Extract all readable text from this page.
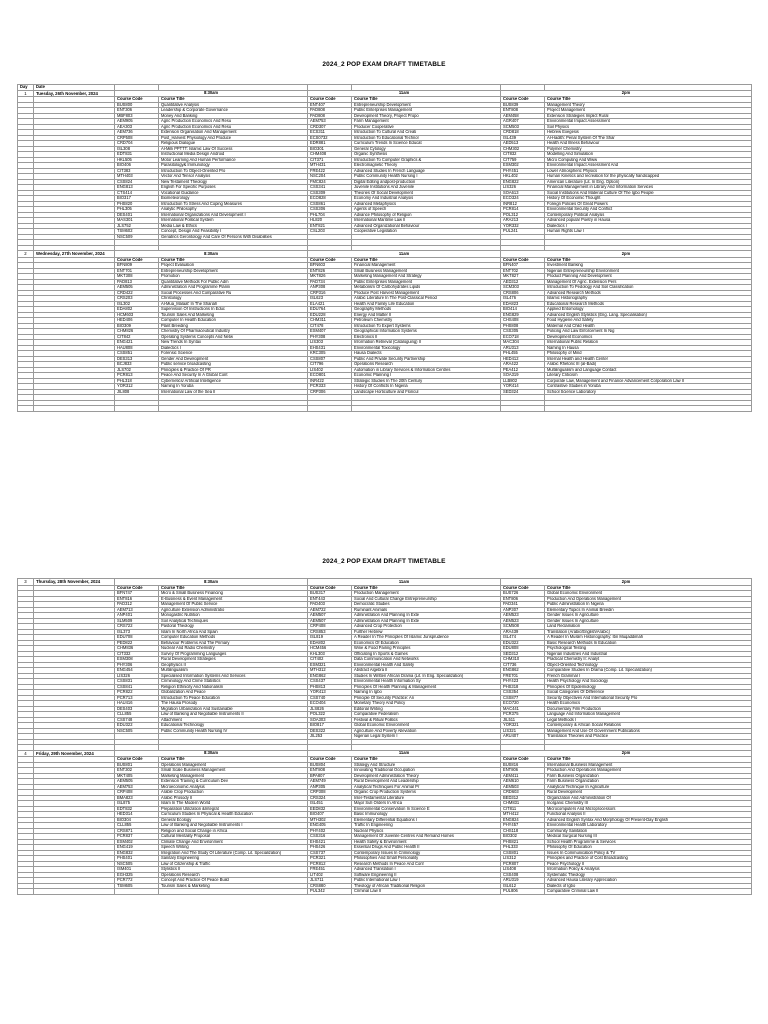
2024_2 POP EXAM DRAFT TIMETABLE
Day	Date						
1	Tuesday, 26th November, 2024	8:30am		11am		2pm	
		Course Code	Course Title	Course Code	Course Title	Course Code	Course Title
		BUS800	Quantitative Analysis	ENT407	Entrepreneurship Development	BUS839	Management Theory
		ENT306	Leadership & Corporate Governance	PAD808	Public Enterprises Management	ENT808	Project Management
		MBF803	Money And Banking	PAD808	Development Theory, Project Propo	AEM458	Extension Strategies Implict Rural
		AEM905	Agric Production Economics And Resu	AEM753	Farm Management	AGR407	Environmental Impact Assessment
		AEA303	Agric Production Economics And Resu	CRD307	Producer Cooperative	SCM503	Soil Physics
		AEM736	Extension Organisation And Management	ECS311	Introduction To Cultural And Creati	CRD818	Hebrew Exegesis
		CRP508	Post_Harvest Physiology And Produce	ECS0732	Introduction To Educational Technol	ISL439	Al-Hadith: Penal System Of The Shar
		CRD704	Religious Dialogue	EDR881	Curriculum Trends In Science Educat	AED513	Health And Illness Behaviour
		ISL308	Al-Milli PPTTT: Islamic Law Of Success	BIO301	General Cytology	CHM302	Polymer Chemistry
		EDT831	Instructional Media Design Android	CHM408	Organic Synthesis	CIT832	Modelling And Simulation
		HKL505	Motor Learning And Human Performance	CIT371	Introduction To Computer Graphics &	CIT759	Micro Computing And Www
		BIO406	Parasitology& Immunology	MTH431	Electromagnetic Theory	ESM302	Environmental Impact Assessment And
		CIT383	Introduction To Object-Oriented Pro	FRE422	Advanced Studies In French Language	PHY451	Lower Atmospheric Physics
		MTH403	Vector And Tensor Analysis	NSC204	Public Community Health Nursing I	HKL402	Human Kinetics and recreation for the physically handicapped
		CSS824	New Testament Theology	FMC824	Digital Editing andpost-production	ENG822	American Literature (Lit. In Eng. Option)
		ENG813	English For Specific Purposes	CSS341	Juvenile Institutions And Juvenile	LIS326	Financial Management in Library And Information Services
		CTS414	Vocational Guidance	CSS309	Theories Of Social Development	SOA613	Social Institutions And Material Culture Of The Igbo People
		BIO317	Biometeorology	ECO828	Economy And Industrial Analysis	ECO324	History Of Economic Thought
		PHS820	Introduction To Stress And Coping Measures	CSS861	Advanced Metaphysics	INR812	Foreign Policies Of Great Powers
		PHL305	Analytic Philosophy	CSS306	Agents of Speech	PCR814	Environmental Security And Conflict
		DES401	International Organizations And Development I	PHL704	Advance Philosophy of Religion	POL312	Contemporary Political Analysis
		MAS301	International Political System	HL820	International Maritime Law II	ARA213	Advanced popular Poetry in Hausa
		JLS752	Media Law & Ethics	ENT821	Advanced Organizational Behaviour	YOR332	Dialectics I
		TSM602	Concept, Design And Feasibility I	CSL203	Cooperative Legislation	PUL241	Human Rights Law I
		NSC509	Geriatrics Gerontology And Care Of Persons With Disabilities				

2	Wednesday, 27th November, 2024	8:30am		11am		2pm	
		Course Code	Course Title	Course Code	Course Title	Course Code	Course Title
		BFN809	Project Evaluation	BFN603	Financial Management	BFN407	Investment Banking
		ENT701	Entrepreneurship Development	ENT826	Small Business Management	ENT702	Nigerian Entrepreneurship Environment
		MKT308	Promotion	MKT826	Marketing Management And Strategy	MKT827	Product Planning And Development
		PAD813	Quantitative Methods For Public Adm	PAD734	Public Enterprises Management	AED312	Management Of Agric. Extension Pers
		AEM505	Administration And Programme Planni	ANP308	Metabolism Of Carbohydrates Lipids	SCM303	Introduction To Pedology And Soil Classification
		CRD422	Social Processes And Comparative Ru	CRP316	Produce Post Harvest Management	CRS806	Advanced Research Methods
		CRS203	Christology	ISL623	Arabic Literature In The Post-Classical Period	ISL476	Islamic Historiography
		ISL302	Al-Mua_Malaat' In The Shariah	ELA421	Health And Family Life Education	EDA823	Educational Research Methods
		EDA802	Supervision Of Instructions In Educ	EDU764	Geography Methods	BIO414	Applied Entomology
		HCM603	Tourism Sales And Marketing	EDU228	Energy And Matter II	ENG829	Advanced English Stylistics (Eng. Lang. Specialisation)
		HED406	Computer In Health Education	CHM311	Petroleum Chemistry	CHS408	Food Hygiene And Safety
		BIO309	Plant Breeding	CIT478	Introduction To Expert Systems	PHS808	Maternal And Child Health
		CHM826	Chemistry Of Pharmaceutical Industry	ESM407	Geographical Information Systems	CSS305	Policing And Law Enforcement In Nig
		CIT842	Operating Systems Concepts And Netw	PHY308	Electronics II	ECO718	Development Economics
		ENG421	New Trends In Syntax	LIS303	Information Retrieval (Cataloguing) II	MAC304	International Public Relation
		HAU808	Dialectics I	EHS431	Environmental Toxicology	ARU313	Naming In Hausa
		CSS851	Forensic Science	KRC305	Hausa Dialects	PHL455	Philosophy of Mind
		DES313	Gender And Development	CSS807	Public And Private Security Partnership	HED412	Internal Health and Health Center
		BCJ833	Public service broadcasting	CIT796	Operations Research	ARA422	Arabic Rhetoric III (al-Badi)
		JLS702	Principles & Practice Of PR	LIS402	Automation in Library Services & Information Centres	PEA412	Multilingualism and Language Contact
		PCR813	Peace And Security In A Global Cont	ECO801	Economic Planning I	SOA319	Literary Criticism
		PHL318	Cybernetics/ Artificial Intelligence	INR422	Strategic Studies In The 20th Century	LLB802	Corporate Law, Management and Finance Advancement Corporation Law II
		YOR312	Naming In Yoruba	PCR333	History Of Conflicts In Nigeria	YOR414	Contrastive Studies in Yoruba
		JIL808	International Law of the Sea II	CRP306	Landscape Horticulture and Floricul	SED324	School Science Laboratory

2024_2 POP EXAM DRAFT TIMETABLE
3	Thursday, 28th November, 2024	8:30am		11am		2pm	
		Course Code	Course Title	Course Code	Course Title	Course Code	Course Title
		BFN747	Micro & Small Business Financing	BUS317	Production Management	BUS726	Global Economic Environment
		ENT816	E-Business & Event Management	ENT443	Social And Cultural Change Entrepreneurship	ENT806	Production And Operations Management
		PAD312	Management Of Public Service	PAD403	Democratic Studies	PAD341	Public Administration In Nigeria
		AEM713	Agriculture Extension Administratio	AEM722	Ruminant Animals	ANP307	Elementary Topics In Animal Breedin
		ANP401	Monogastric Nutrition	AEM507	Administration And Planning In Exte	AEM523	Gender Issues In Agriculture
		SLM509	Soil Analytical Techniques	AEM507	Administration And Planning In Exte	AEM523	Gender Issues In Agriculture
		CRS722	Pastoral Theology	CRP408	Advanced Crop Protection	SCM508	Land Reclamation
		ISL373	Islam In North Africa And Spain	CRS853	Further Hebrew	ARA439	Translation (Arabic/English/Arabic)
		EDU708	Computer Education Methods	ISL819	A Reader In The Principles Of Islamic Jurisprudence	ISL474	A Reader In Muslim Historiography: Ibn Muqaddimah
		PED822	Behaviour Problems And The Primary	EDA802	Economics Of Education	EDU322	Basic Research Methods In Education
		CHM836	Nuclear And Radio Chemistry	HCM456	Wine & Food Pairing Principles	EDU808	Psychological Testing
		CIT332	Survey Of Programming Languages	KHL303	Officiating In Sports & Games	SED312	Nigerian Industries And Industrial
		ESM308	Rural Development Strategies	CIT402	Data Communication And Networks	CHM310	Practical Chemistry II: Analyt
		PHY306	Geophysics II	ESM321	Environmental Health And Safety	CIT736	Object-Oriented Technology
		ENG454	Multilingualism	MTH312	Abstract Algebra II	ENG862	Comparative Studies In Drama (Comp. Lit. Specialization)
		LIS326	Specialised Information Systems And Services	ENG862	Studies In Written African Drama (Lit. In Eng. Specialization)	FRE701	French Grammar I
		CSS831	Criminology And Crime Statistics	CSS437	Environmental Health Information Sy	PHY423	Health Psychology And Sociology
		CSS841	Religion Ethnicity And Nationalism	PHS813	Principles Of Health Planning & Management	PHS318	Principles Of Epidemiology
		PCR822	Globalization And Peace	YOR413	Naming In Igbo	CSS354	Social Categories Of Difference
		PCR713	Introduction To Peace Education	CSS740	Principle Of Security Practice: An	CSS877	Security Objectives And International Security Pro
		HAU416	The Hausa Prosody	ECO404	Monetary Theory And Policy	ECO720	Health Economics
		DES403	Migration Urbanization And Sustainable	JLS826	Editorial Writing	MAC441	Documentary Film Production
		CLL855	Law of Banking and Negotiable Instruments II	POL322	Comparative Federalism	PCR375	Language And Information Management
		CSS748	Attachment	SOA303	Festival & Ritual Politics	JIL511	Legal Methods I
		EDU322	Educational Technology	BIO817	Global Economic Environment	YOR321	Contemporary & African Social Relations
		NSC505	Public Community Health Nursing IV	DES322	Agriculture And Poverty Alleviation	LIS321	Management And Use Of Government Publications
				JIL253	Nigerian Legal System I	ARU407	Translation Theories and Practice

4	Friday, 29th November, 2024	8:30am		11am		2pm	
		Course Code	Course Title	Course Code	Course Title	Course Code	Course Title
		BUS801	Operations Management	BUS804	Strategy And Structure	BUS816	International Business Management
		ENT302	Small Scale Business Management	ENT808	Innovating Traditional Occupation	ENT806	Production And Operations Management
		MKT405	Marketing Management	BPA807	Development Administration Theory	AEM411	Farm Business Organization
		AEM505	Extension Training & Curriculum Dev	AEM749	Rural Development And Leadership	AEM610	Farm Business Organization
		AEM753	Microeconomic Analysis	ANP305	Analytical Techniques For Animal Pr	AEM503	Analytical Technique In Agriculture
		CRP408	Arable Crop Production	CRP308	Organic Crop Production Systems	CRD603	Rural Development
		BMA823	Arabic Prosody II	CRS324	Inter-Testamental Literature	BED312	Organization And Administration Of
		ISL875	Islam In The Modern World	ISL451	Major Sufi Orders In Africa	CHM831	Inorganic Chemistry III
		EDT832	Preparation Utilization &Integrat	EED832	Environmental Conservation In Science E	CIT811	Microcomputers And Microprocessors
		HED314	Curriculum Studies In Physical & Health Education	BIO407	Basic Immunology	MTH412	Functional Analysis II
		BIO304	General Ecology	MTH302	Elementary Differential Equations I	ENG824	Advanced English Syntax And Morphology Of Present-Day English
		CLL855	Law of Banking and Negotiable Instruments I	ENG405	Traffic In Engineering	PHY457	Environmental Health Laboratory
		CRS871	Religion and Social Change in Africa	PHY402	Nuclear Physics	CHS118	Community Sanitation
		PCR837	Cultural Mentality Proposal	CSS316	Management Of Juvenile Centres And Remand Homes	BIO302	Medical Surgical Nursing III
		ESM402	Climate Change And Environment	EHS421	Health Safety & Environment	PHS821	School Health Programme & Services
		ENG419	Speech Writing	PHS426	Essential Drugs And Public Health II	PHL333	Philosophy Of Education
		ENG832	Integration And The Study Of Literature (Comp. Lit. Specialization)	CSS737	Contemporary Issues In Criminology	CSS801	Issues In Communication Policy & TV
		PHS401	Sanitary Engineering	PCR321	Philosophies And Small Personality	LIS312	Principles and Practice of Cost Broadcasting
		NSC505	Law of Citizenship & Traffic	PCR812	Research Methods In Peace And Conf	PCR807	Peace Psychology II
		ISM401	Stylistics II	FRE451	Advanced Translation I	LIS408	Information Policy & Analysis
		EGH325	Operations Research	LIT402	Software Engineering II	CSS408	Systematic Theology
		PCR772	Concept And Practice Of Peace Build	JLS711	Public International Law I	ARU319	Advanced Hausa Literary Appreciation
		TSM605	Tourism Sales & Marketing	CRS880	Theology of African Traditional Religion	ISL612	Dialects of Igbo
				PUL342	Criminal Law II	PUL806	Comparative Criminal Law II
